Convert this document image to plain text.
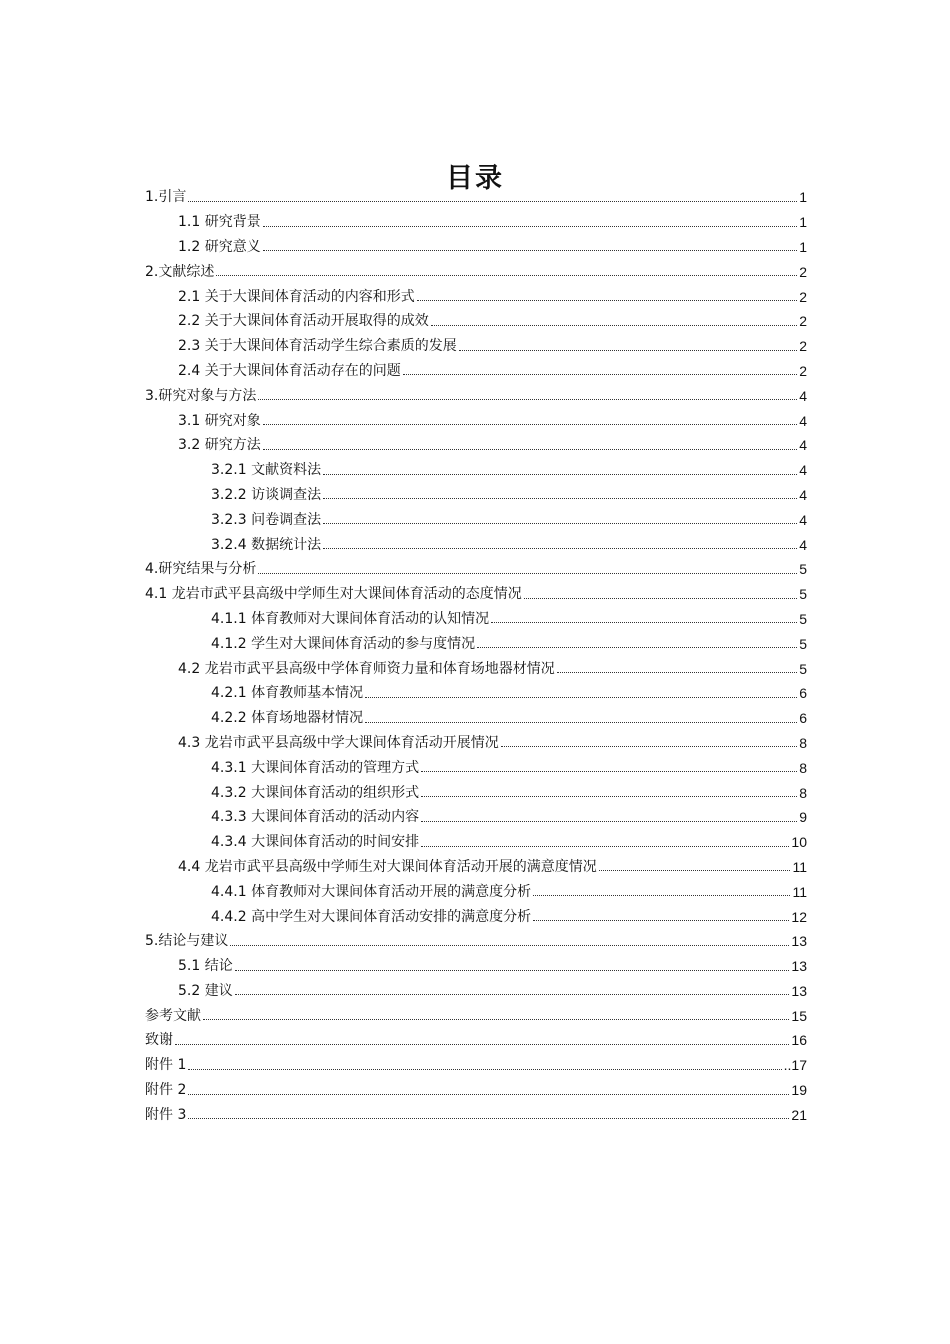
目录
1.引言	1
1.1 研究背景	1
1.2 研究意义	1
2.文献综述	2
2.1 关于大课间体育活动的内容和形式	2
2.2 关于大课间体育活动开展取得的成效	2
2.3 关于大课间体育活动学生综合素质的发展	2
2.4 关于大课间体育活动存在的问题	2
3.研究对象与方法	4
3.1 研究对象	4
3.2 研究方法	4
3.2.1 文献资料法	4
3.2.2 访谈调查法	4
3.2.3 问卷调查法	4
3.2.4 数据统计法	4
4.研究结果与分析	5
4.1 龙岩市武平县高级中学师生对大课间体育活动的态度情况	5
4.1.1 体育教师对大课间体育活动的认知情况	5
4.1.2 学生对大课间体育活动的参与度情况	5
4.2 龙岩市武平县高级中学体育师资力量和体育场地器材情况	5
4.2.1 体育教师基本情况	6
4.2.2 体育场地器材情况	6
4.3 龙岩市武平县高级中学大课间体育活动开展情况	8
4.3.1 大课间体育活动的管理方式	8
4.3.2 大课间体育活动的组织形式	8
4.3.3 大课间体育活动的活动内容	9
4.3.4 大课间体育活动的时间安排	10
4.4 龙岩市武平县高级中学师生对大课间体育活动开展的满意度情况	11
4.4.1 体育教师对大课间体育活动开展的满意度分析	11
4.4.2 高中学生对大课间体育活动安排的满意度分析	12
5.结论与建议	13
5.1 结论	13
5.2 建议	13
参考文献	15
致谢	16
附件 1	..17
附件 2	19
附件 3	21
